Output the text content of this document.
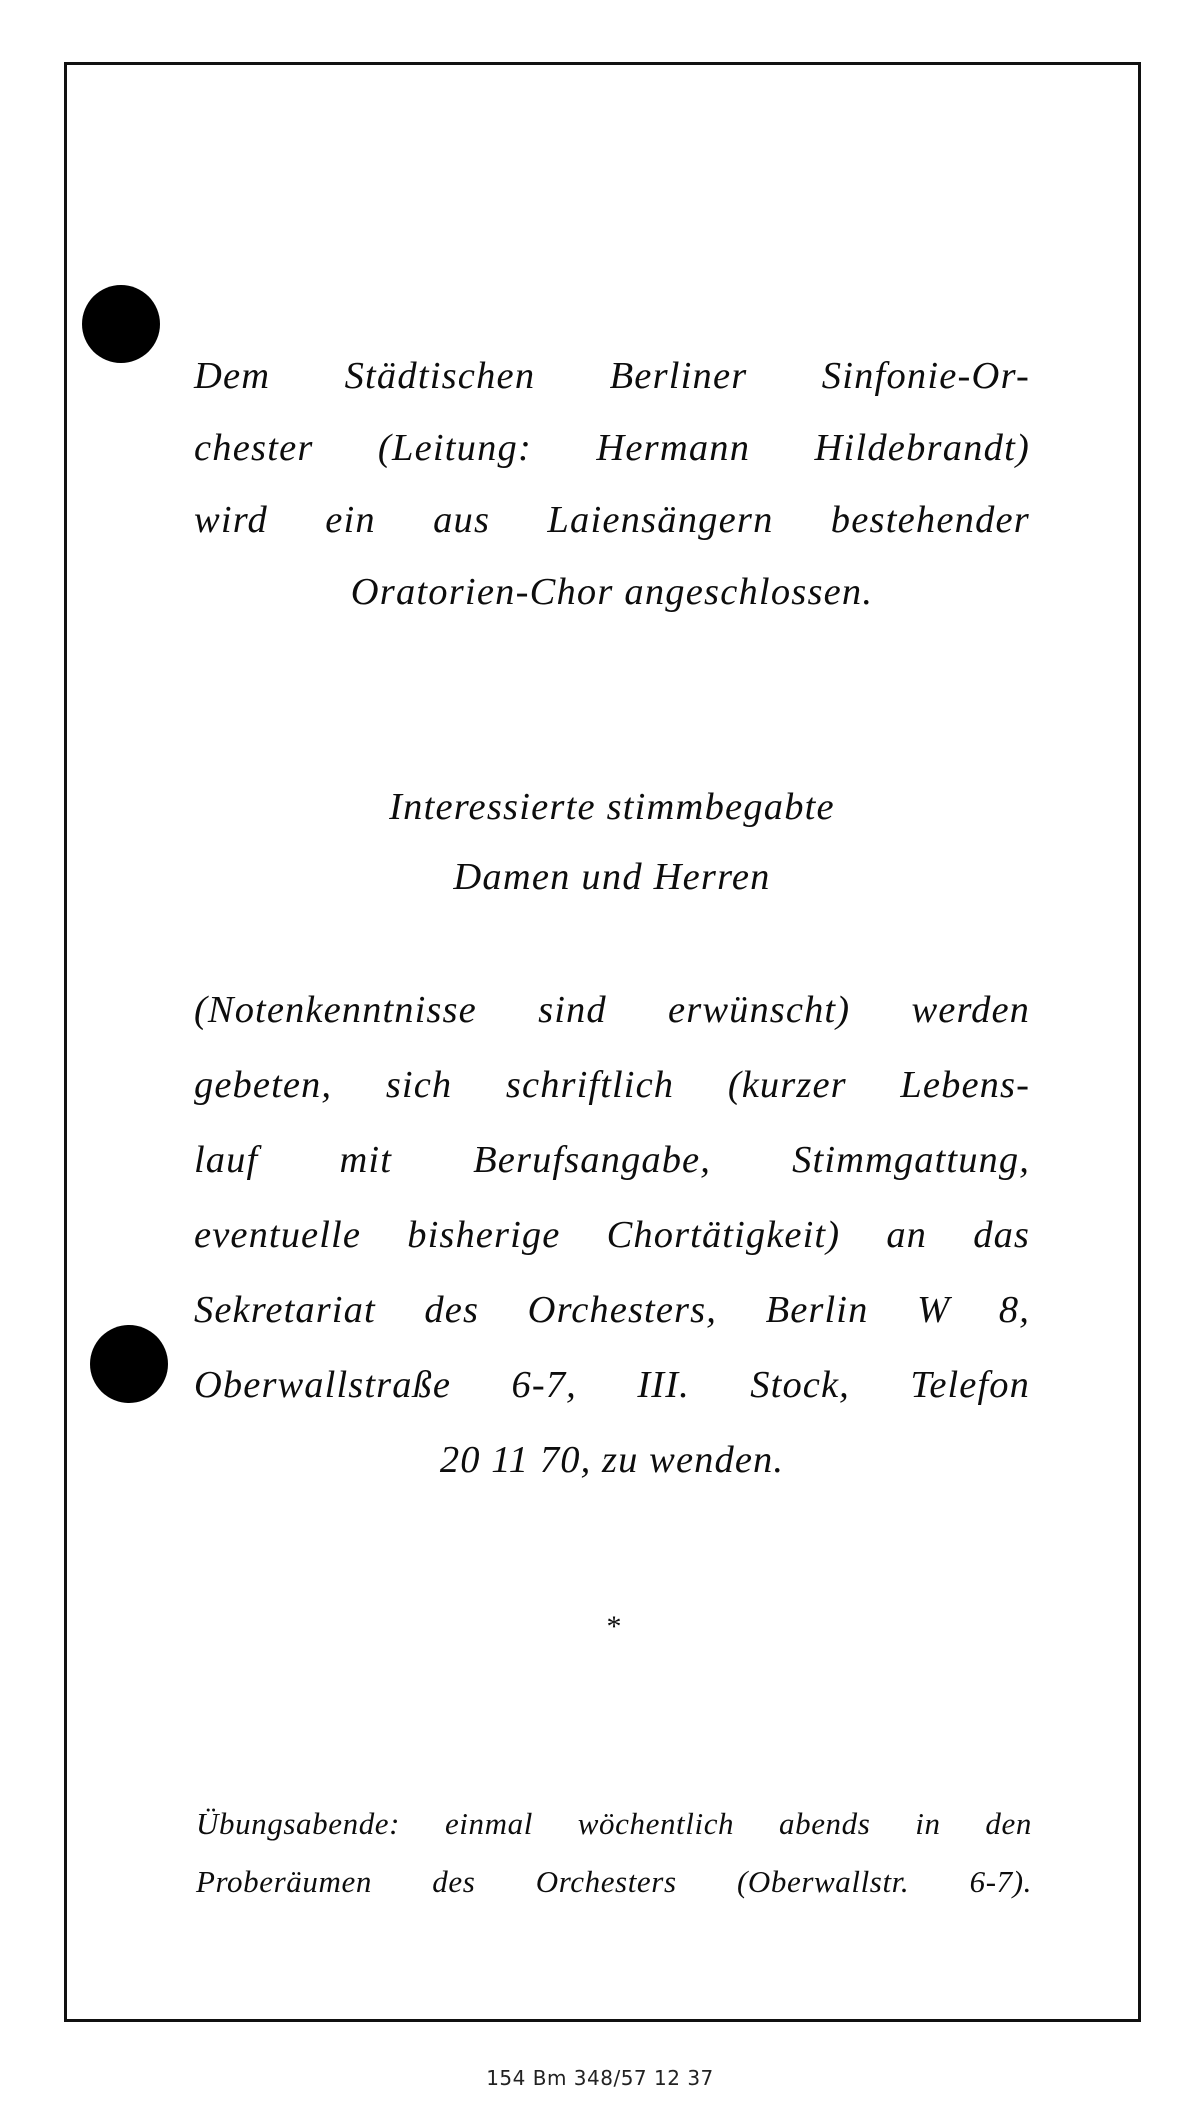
Dem Städtischen Berliner Sinfonie-Or-
chester (Leitung: Hermann Hildebrandt)
wird ein aus Laiensängern bestehender
Oratorien-Chor angeschlossen.

Interessierte stimmbegabte
Damen und Herren

(Notenkenntnisse sind erwünscht) werden
gebeten, sich schriftlich (kurzer Lebens-
lauf mit Berufsangabe, Stimmgattung,
eventuelle bisherige Chortätigkeit) an das
Sekretariat des Orchesters, Berlin W 8,
Oberwallstraße 6-7, III. Stock, Telefon
20 11 70, zu wenden.

*

Übungsabende: einmal wöchentlich abends in den
Proberäumen des Orchesters (Oberwallstr. 6-7).

154 Bm 348/57 12 37
